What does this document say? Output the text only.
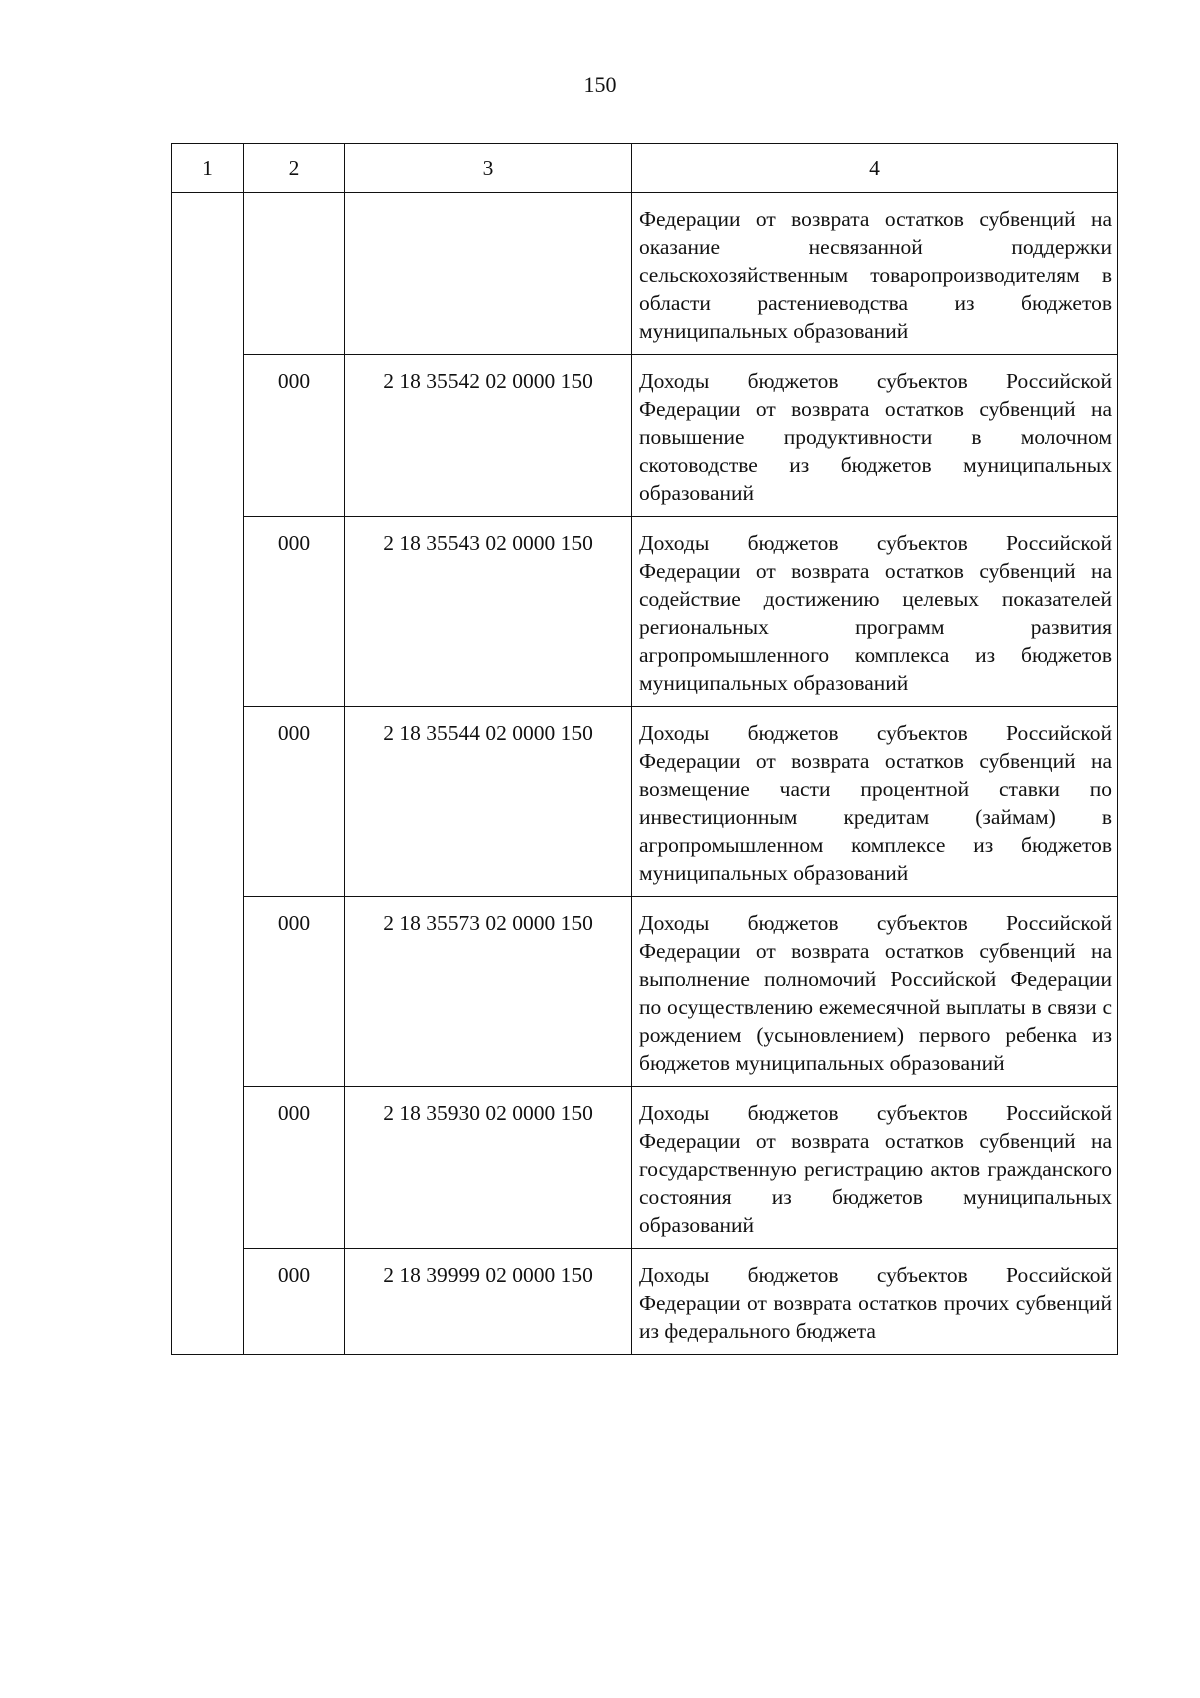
150
1	2	3	4
			Федерации от возврата остатков субвенций на оказание несвязанной поддержки сельскохозяйственным товаропроизводителям в области растениеводства из бюджетов муниципальных образований
	000	2 18 35542 02 0000 150	Доходы бюджетов субъектов Российской Федерации от возврата остатков субвенций на повышение продуктивности в молочном скотоводстве из бюджетов муниципальных образований
	000	2 18 35543 02 0000 150	Доходы бюджетов субъектов Российской Федерации от возврата остатков субвенций на содействие достижению целевых показателей региональных программ развития агропромышленного комплекса из бюджетов муниципальных образований
	000	2 18 35544 02 0000 150	Доходы бюджетов субъектов Российской Федерации от возврата остатков субвенций на возмещение части процентной ставки по инвестиционным кредитам (займам) в агропромышленном комплексе из бюджетов муниципальных образований
	000	2 18 35573 02 0000 150	Доходы бюджетов субъектов Российской Федерации от возврата остатков субвенций на выполнение полномочий Российской Федерации по осуществлению ежемесячной выплаты в связи с рождением (усыновлением) первого ребенка из бюджетов муниципальных образований
	000	2 18 35930 02 0000 150	Доходы бюджетов субъектов Российской Федерации от возврата остатков субвенций на государственную регистрацию актов гражданского состояния из бюджетов муниципальных образований
	000	2 18 39999 02 0000 150	Доходы бюджетов субъектов Российской Федерации от возврата остатков прочих субвенций из федерального бюджета
